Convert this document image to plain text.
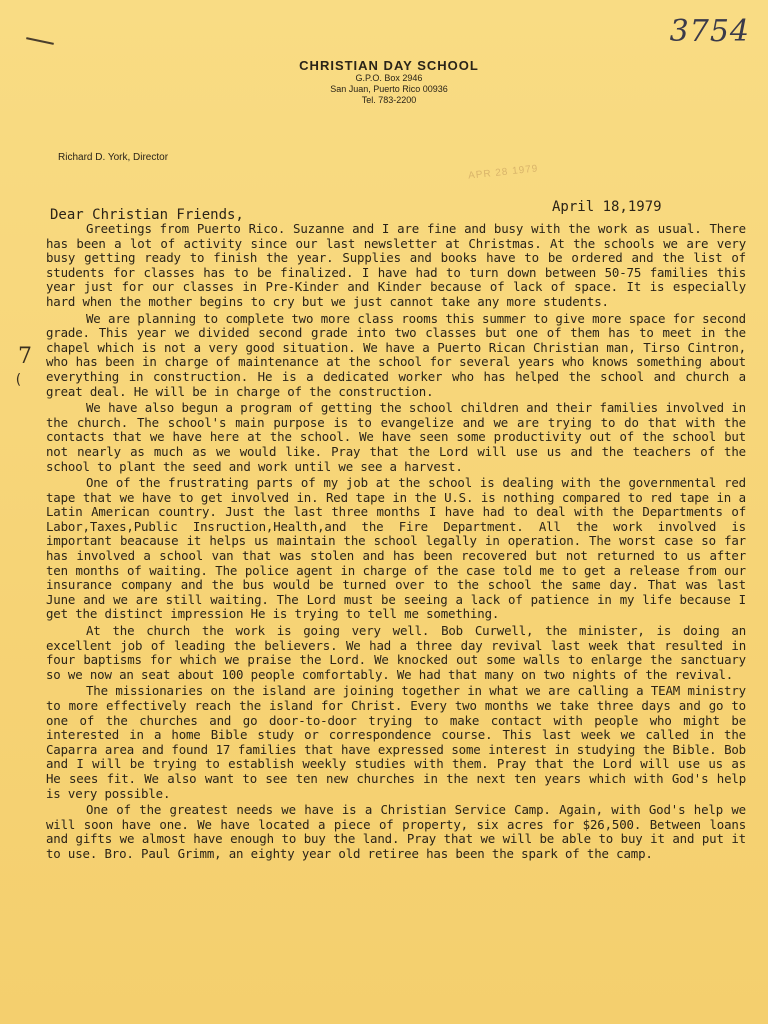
3754
CHRISTIAN DAY SCHOOL
G.P.O. Box 2946
San Juan, Puerto Rico 00936
Tel. 783-2200
Richard D. York, Director
APR 28 1979
April 18,1979
Dear Christian Friends,
7
(

Greetings from Puerto Rico. Suzanne and I are fine and busy with the work as usual. There has been a lot of activity since our last newsletter at Christmas. At the schools we are very busy getting ready to finish the year. Supplies and books have to be ordered and the list of students for classes has to be finalized. I have had to turn down between 50-75 families this year just for our classes in Pre-Kinder and Kinder because of lack of space. It is especially hard when the mother begins to cry but we just cannot take any more students.

We are planning to complete two more class rooms this summer to give more space for second grade. This year we divided second grade into two classes but one of them has to meet in the chapel which is not a very good situation. We have a Puerto Rican Christian man, Tirso Cintron, who has been in charge of maintenance at the school for several years who knows something about everything in construction. He is a dedicated worker who has helped the school and church a great deal. He will be in charge of the construction.

We have also begun a program of getting the school children and their families involved in the church. The school's main purpose is to evangelize and we are trying to do that with the contacts that we have here at the school. We have seen some productivity out of the school but not nearly as much as we would like. Pray that the Lord will use us and the teachers of the school to plant the seed and work until we see a harvest.

One of the frustrating parts of my job at the school is dealing with the governmental red tape that we have to get involved in. Red tape in the U.S. is nothing compared to red tape in a Latin American country. Just the last three months I have had to deal with the Departments of Labor,Taxes,Public Insruction,Health,and the Fire Department. All the work involved is important beacause it helps us maintain the school legally in operation. The worst case so far has involved a school van that was stolen and has been recovered but not returned to us after ten months of waiting. The police agent in charge of the case told me to get a release from our insurance company and the bus would be turned over to the school the same day. That was last June and we are still waiting. The Lord must be seeing a lack of patience in my life because I get the distinct impression He is trying to tell me something.

At the church the work is going very well. Bob Curwell, the minister, is doing an excellent job of leading the believers. We had a three day revival last week that resulted in four baptisms for which we praise the Lord. We knocked out some walls to enlarge the sanctuary so we now an seat about 100 people comfortably. We had that many on two nights of the revival.

The missionaries on the island are joining together in what we are calling a TEAM ministry to more effectively reach the island for Christ. Every two months we take three days and go to one of the churches and go door-to-door trying to make contact with people who might be interested in a home Bible study or correspondence course. This last week we called in the Caparra area and found 17 families that have expressed some interest in studying the Bible. Bob and I will be trying to establish weekly studies with them. Pray that the Lord will use us as He sees fit. We also want to see ten new churches in the next ten years which with God's help is very possible.

One of the greatest needs we have is a Christian Service Camp. Again, with God's help we will soon have one. We have located a piece of property, six acres for $26,500. Between loans and gifts we almost have enough to buy the land. Pray that we will be able to buy it and put it to use. Bro. Paul Grimm, an eighty year old retiree has been the spark of the camp.
